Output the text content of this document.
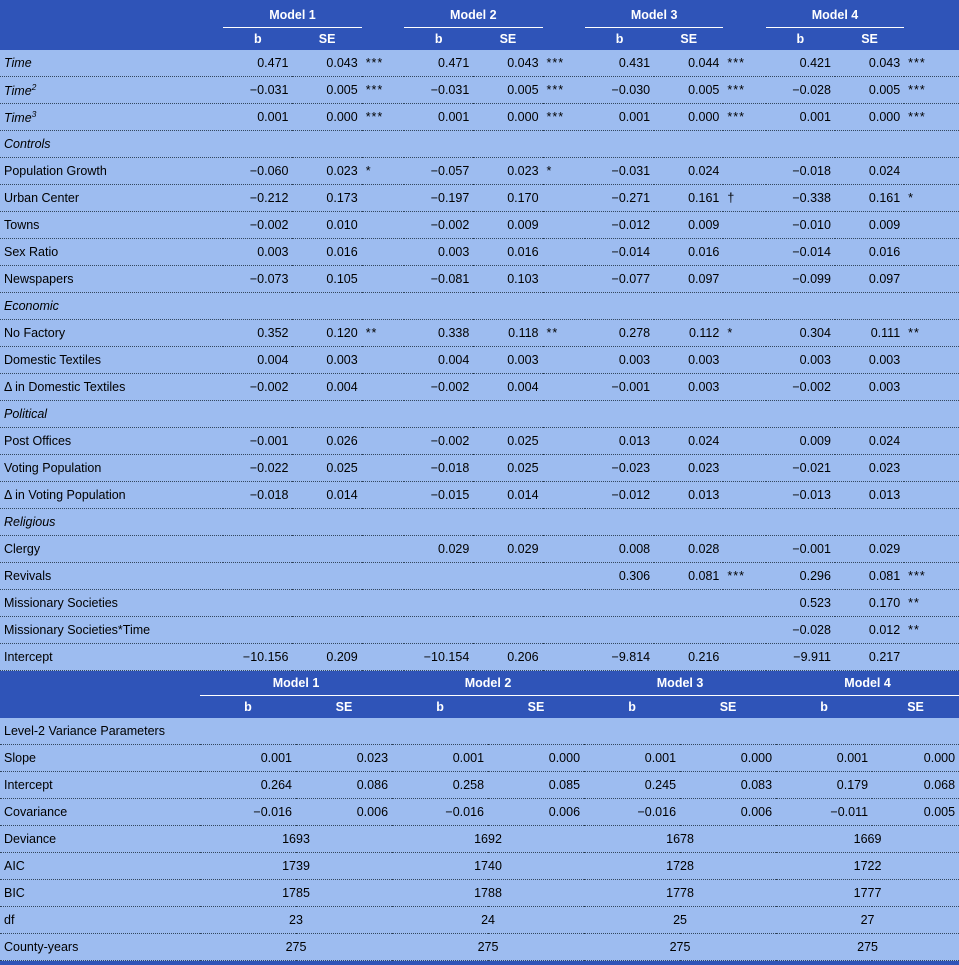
	Model 1			Model 2			Model 3			Model 4		
	b	SE		b	SE		b	SE		b	SE	
Time	0.471	0.043	***	0.471	0.043	***	0.431	0.044	***	0.421	0.043	***
Time$^2$	−0.031	0.005	***	−0.031	0.005	***	−0.030	0.005	***	−0.028	0.005	***
Time$^3$	0.001	0.000	***	0.001	0.000	***	0.001	0.000	***	0.001	0.000	***
Controls												
Population Growth	−0.060	0.023	*	−0.057	0.023	*	−0.031	0.024		−0.018	0.024	
Urban Center	−0.212	0.173		−0.197	0.170		−0.271	0.161	†	−0.338	0.161	*
Towns	−0.002	0.010		−0.002	0.009		−0.012	0.009		−0.010	0.009	
Sex Ratio	0.003	0.016		0.003	0.016		−0.014	0.016		−0.014	0.016	
Newspapers	−0.073	0.105		−0.081	0.103		−0.077	0.097		−0.099	0.097	
Economic												
No Factory	0.352	0.120	**	0.338	0.118	**	0.278	0.112	*	0.304	0.111	**
Domestic Textiles	0.004	0.003		0.004	0.003		0.003	0.003		0.003	0.003	
Δ in Domestic Textiles	−0.002	0.004		−0.002	0.004		−0.001	0.003		−0.002	0.003	
Political												
Post Offices	−0.001	0.026		−0.002	0.025		0.013	0.024		0.009	0.024	
Voting Population	−0.022	0.025		−0.018	0.025		−0.023	0.023		−0.021	0.023	
Δ in Voting Population	−0.018	0.014		−0.015	0.014		−0.012	0.013		−0.013	0.013	
Religious												
Clergy				0.029	0.029		0.008	0.028		−0.001	0.029	
Revivals							0.306	0.081	***	0.296	0.081	***
Missionary Societies										0.523	0.170	**
Missionary Societies*Time										−0.028	0.012	**
Intercept	−10.156	0.209		−10.154	0.206		−9.814	0.216		−9.911	0.217	
	Model 1		Model 2		Model 3		Model 4	
	b	SE	b	SE	b	SE	b	SE
Level-2 Variance Parameters								
Slope	0.001	0.023	0.001	0.000	0.001	0.000	0.001	0.000
Intercept	0.264	0.086	0.258	0.085	0.245	0.083	0.179	0.068
Covariance	−0.016	0.006	−0.016	0.006	−0.016	0.006	−0.011	0.005
Deviance	1693		1692		1678		1669	
AIC	1739		1740		1728		1722	
BIC	1785		1788		1778		1777	
df	23		24		25		27	
County-years	275		275		275		275	
